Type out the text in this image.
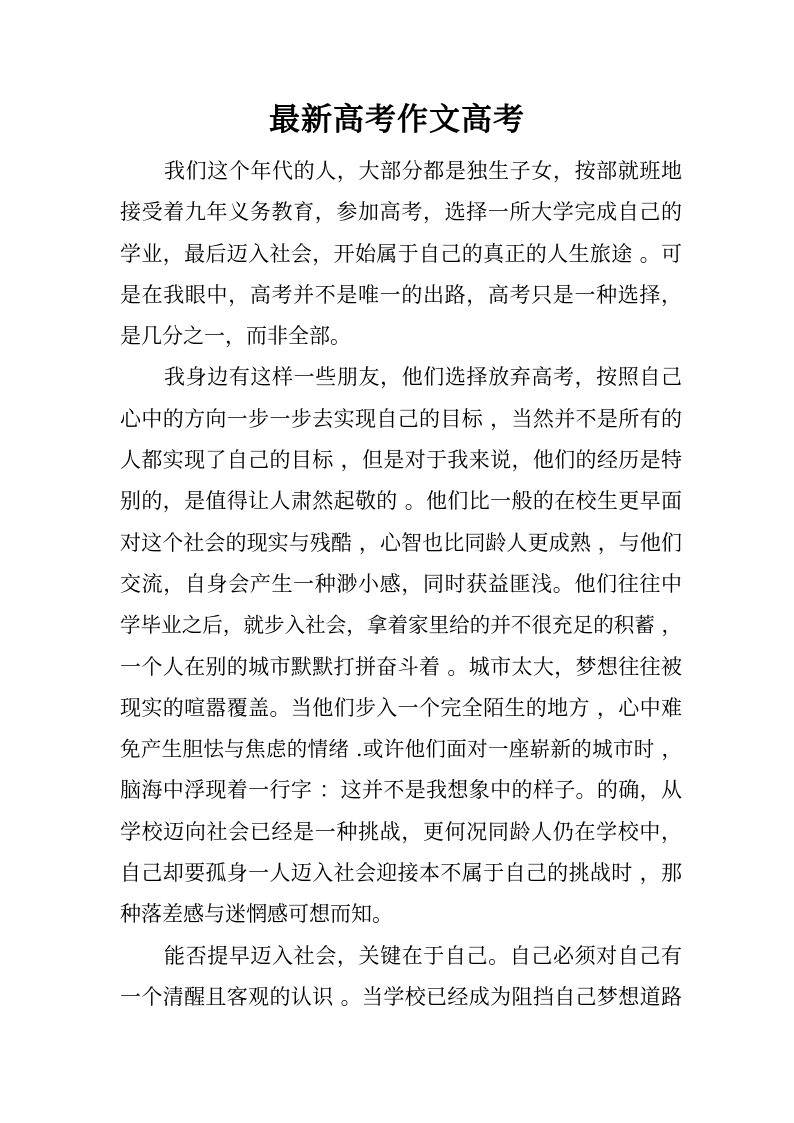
最新高考作文高考
我们这个年代的人，大部分都是独生子女，按部就班地
接受着九年义务教育，参加高考，选择一所大学完成自己的
学业，最后迈入社会，开始属于自己的真正的人生旅途 。可
是在我眼中，高考并不是唯一的出路，高考只是一种选择，
是几分之一，而非全部。
我身边有这样一些朋友，他们选择放弃高考，按照自己
心中的方向一步一步去实现自己的目标 ，当然并不是所有的
人都实现了自己的目标 ，但是对于我来说，他们的经历是特
别的，是值得让人肃然起敬的 。他们比一般的在校生更早面
对这个社会的现实与残酷 ，心智也比同龄人更成熟 ，与他们
交流，自身会产生一种渺小感，同时获益匪浅。他们往往中
学毕业之后，就步入社会，拿着家里给的并不很充足的积蓄 ，
一个人在别的城市默默打拼奋斗着 。城市太大，梦想往往被
现实的喧嚣覆盖。当他们步入一个完全陌生的地方 ，心中难
免产生胆怯与焦虑的情绪 .或许他们面对一座崭新的城市时 ，
脑海中浮现着一行字 ：这并不是我想象中的样子。的确，从
学校迈向社会已经是一种挑战，更何况同龄人仍在学校中，
自己却要孤身一人迈入社会迎接本不属于自己的挑战时 ，那
种落差感与迷惘感可想而知。
能否提早迈入社会，关键在于自己。自己必须对自己有
一个清醒且客观的认识 。当学校已经成为阻挡自己梦想道路
